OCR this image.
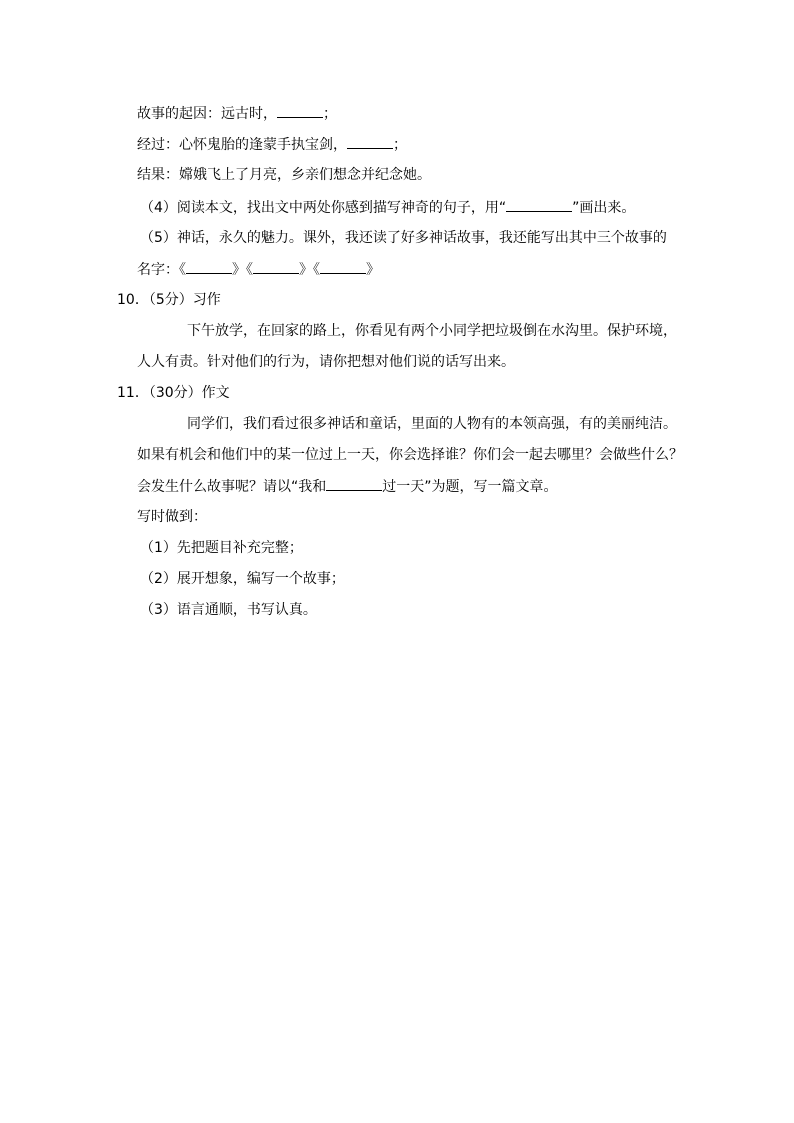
故事的起因：远古时，	；
经过：心怀鬼胎的逢蒙手执宝剑，	；
结果：嫦娥飞上了月亮，乡亲们想念并纪念她。
（4）阅读本文，找出文中两处你感到描写神奇的句子，用“	”画出来。
（5）神话，永久的魅力。课外，我还读了好多神话故事，我还能写出其中三个故事的
名字：《	》《	》《	》
10．（5分）习作
下午放学，在回家的路上，你看见有两个小同学把垃圾倒在水沟里。保护环境，
人人有责。针对他们的行为，请你把想对他们说的话写出来。
11．（30分）作文
同学们，我们看过很多神话和童话，里面的人物有的本领高强，有的美丽纯洁。
如果有机会和他们中的某一位过上一天，你会选择谁？你们会一起去哪里？会做些什么？
会发生什么故事呢？请以“我和	过一天”为题，写一篇文章。
写时做到：
（1）先把题目补充完整；
（2）展开想象，编写一个故事；
（3）语言通顺，书写认真。
